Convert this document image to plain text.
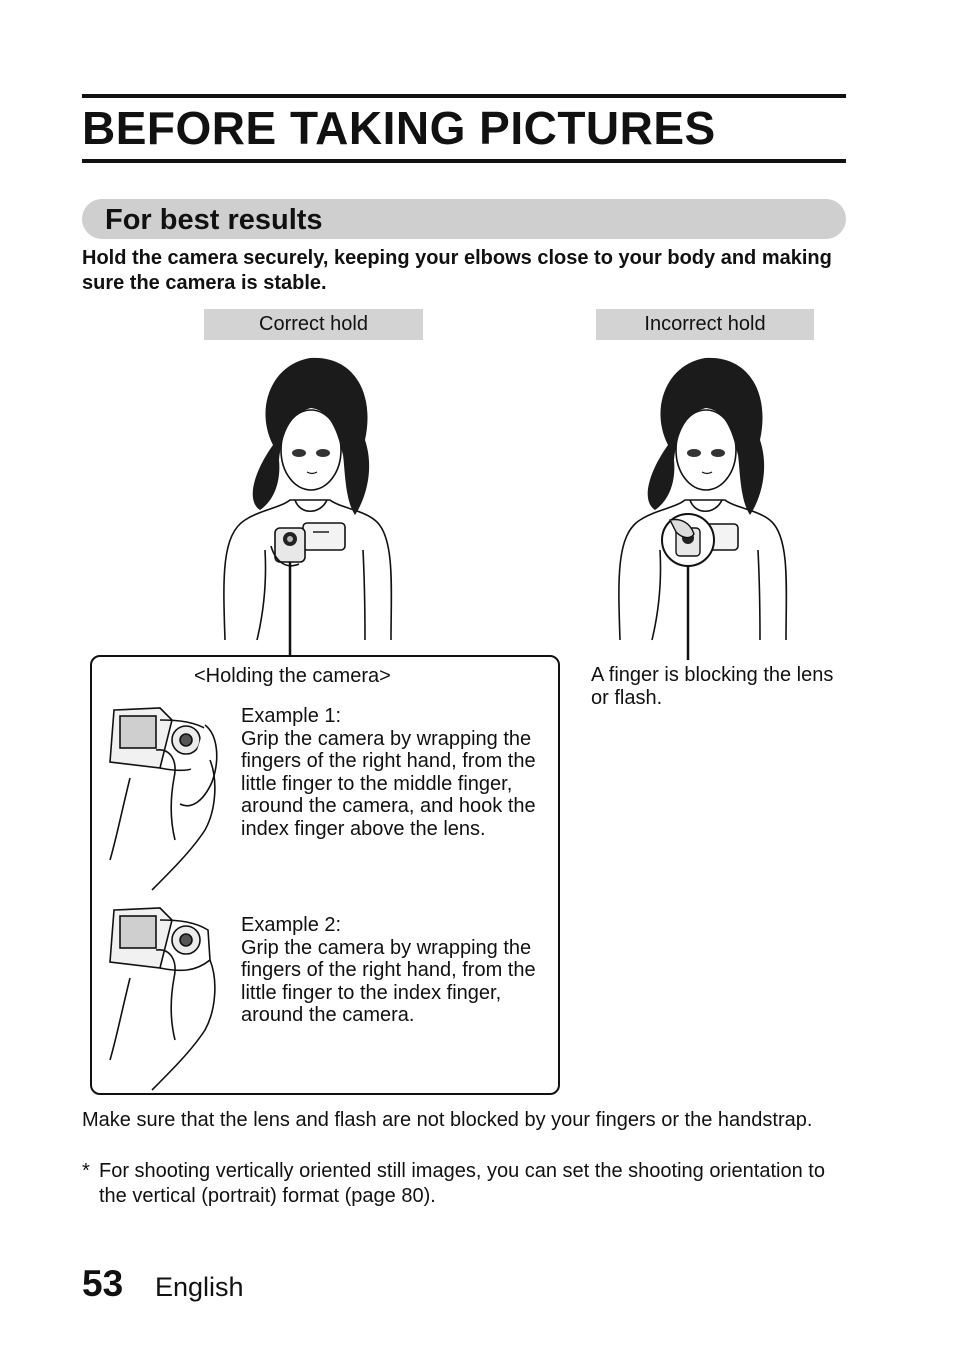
BEFORE TAKING PICTURES
For best results
Hold the camera securely, keeping your elbows close to your body and making sure the camera is stable.
Correct hold	Incorrect hold
<Holding the camera>
Example 1:
Grip the camera by wrapping the fingers of the right hand, from the little finger to the middle finger, around the camera, and hook the index finger above the lens.
Example 2:
Grip the camera by wrapping the fingers of the right hand, from the little finger to the index finger, around the camera.
A finger is blocking the lens or flash.
Make sure that the lens and flash are not blocked by your fingers or the handstrap.
* For shooting vertically oriented still images, you can set the shooting orientation to the vertical (portrait) format (page 80).
53 English
